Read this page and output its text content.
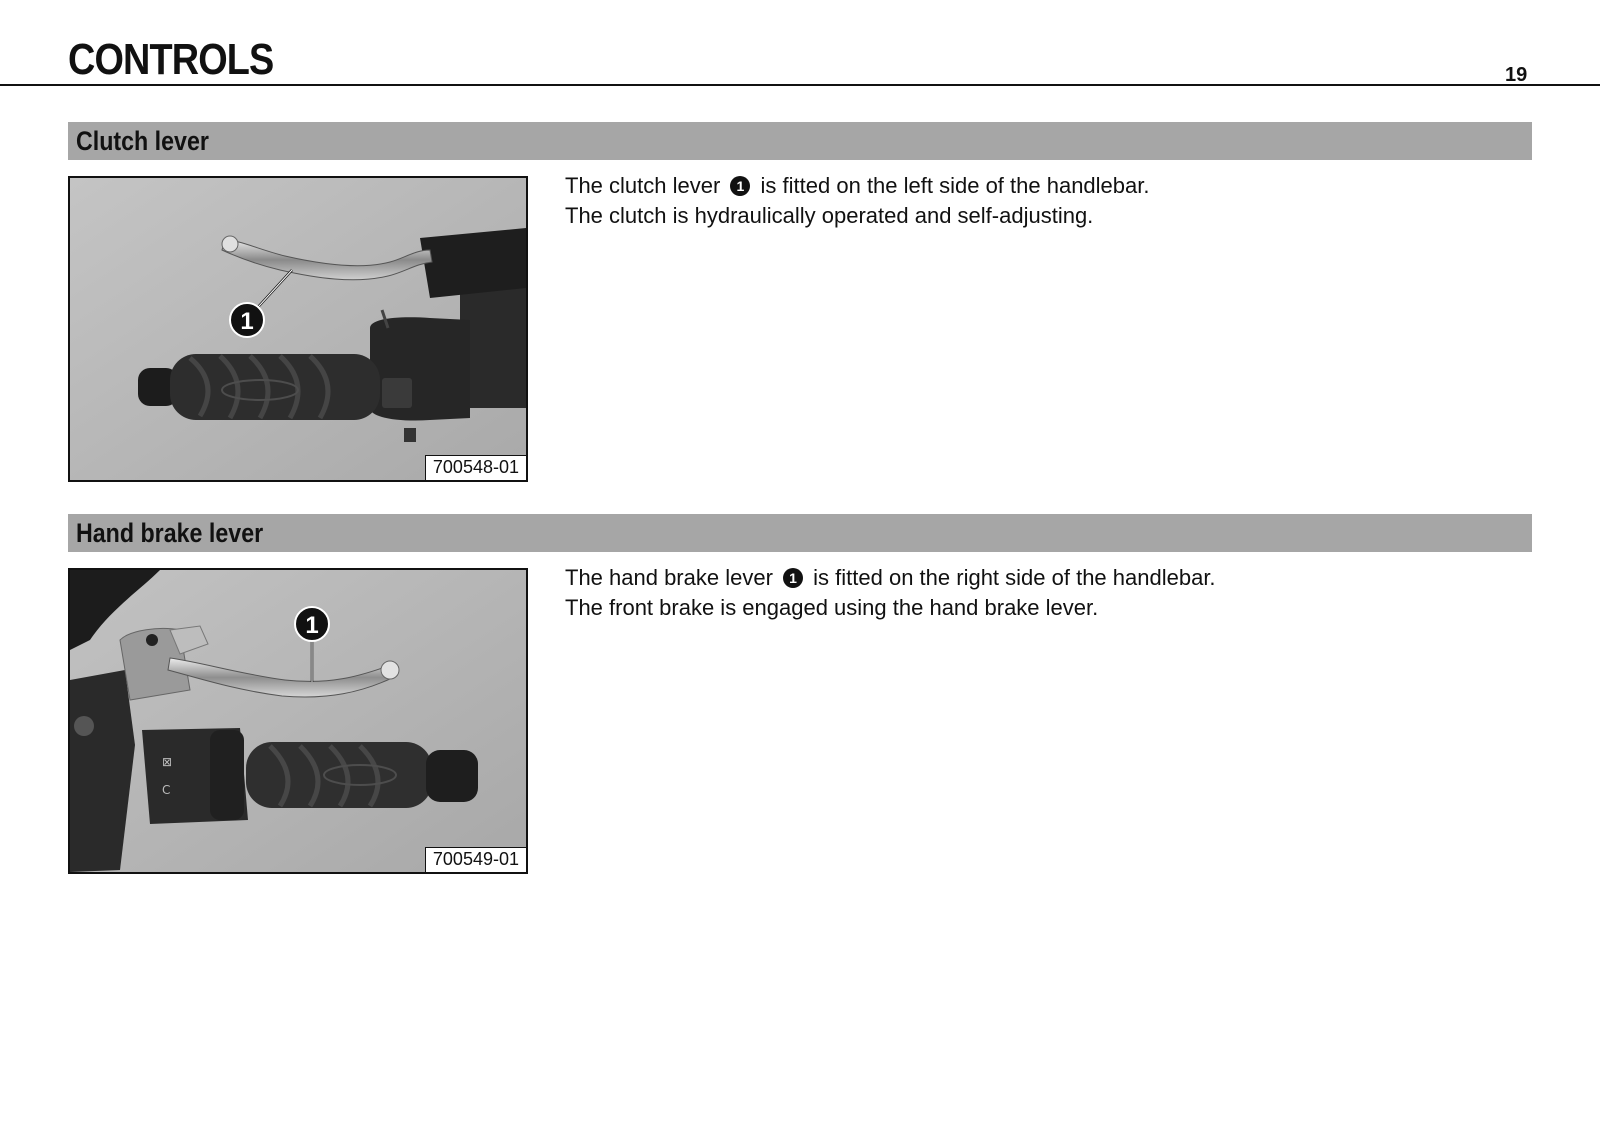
CONTROLS	19
Clutch lever
1
700548-01

The clutch lever 1 is fitted on the left side of the handlebar.

The clutch is hydraulically operated and self-adjusting.

Hand brake lever
⊠
C
1
700549-01

The hand brake lever 1 is fitted on the right side of the handlebar.

The front brake is engaged using the hand brake lever.
